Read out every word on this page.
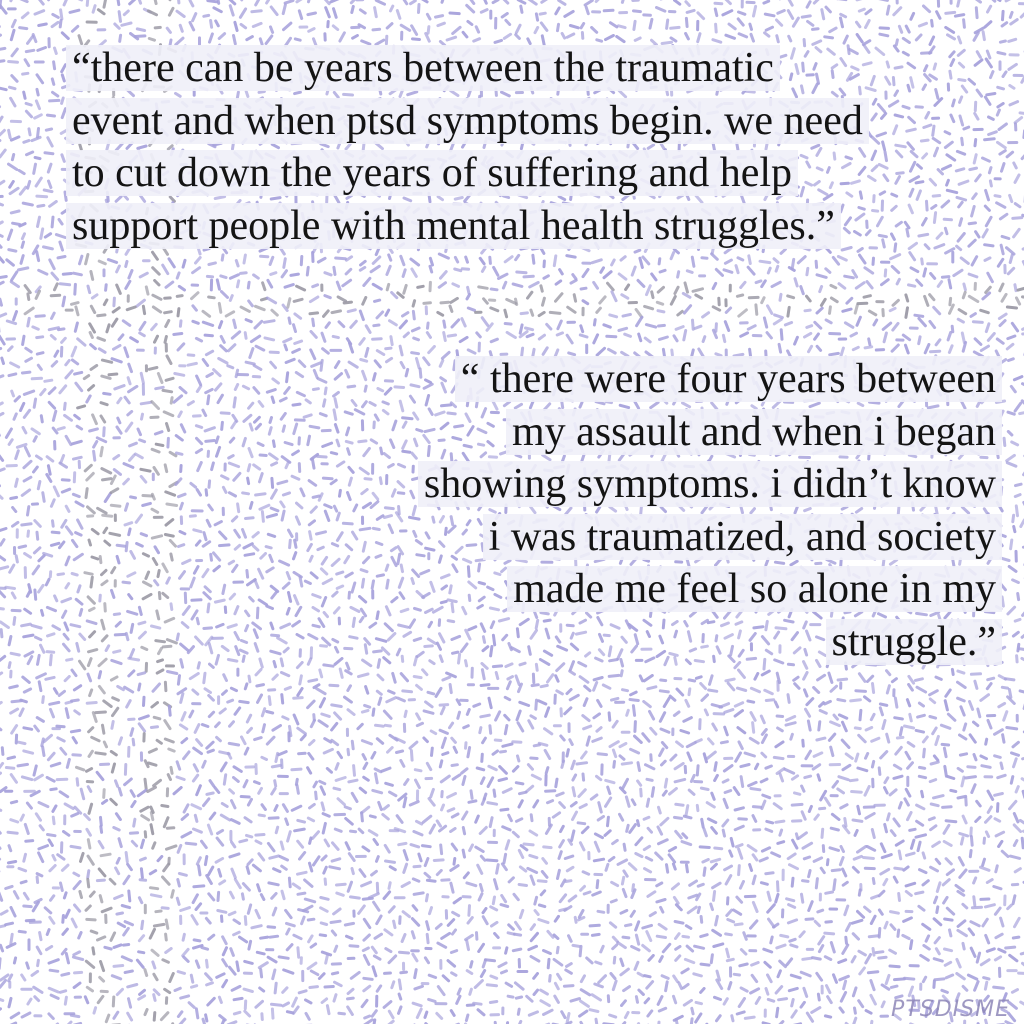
“there can be years between the traumatic
event and when ptsd symptoms begin. we need
to cut down the years of suffering and help
support people with mental health struggles.”
“ there were four years between
my assault and when i began
showing symptoms. i didn’t know
i was traumatized, and society
made me feel so alone in my
struggle.”
PTSDISME
